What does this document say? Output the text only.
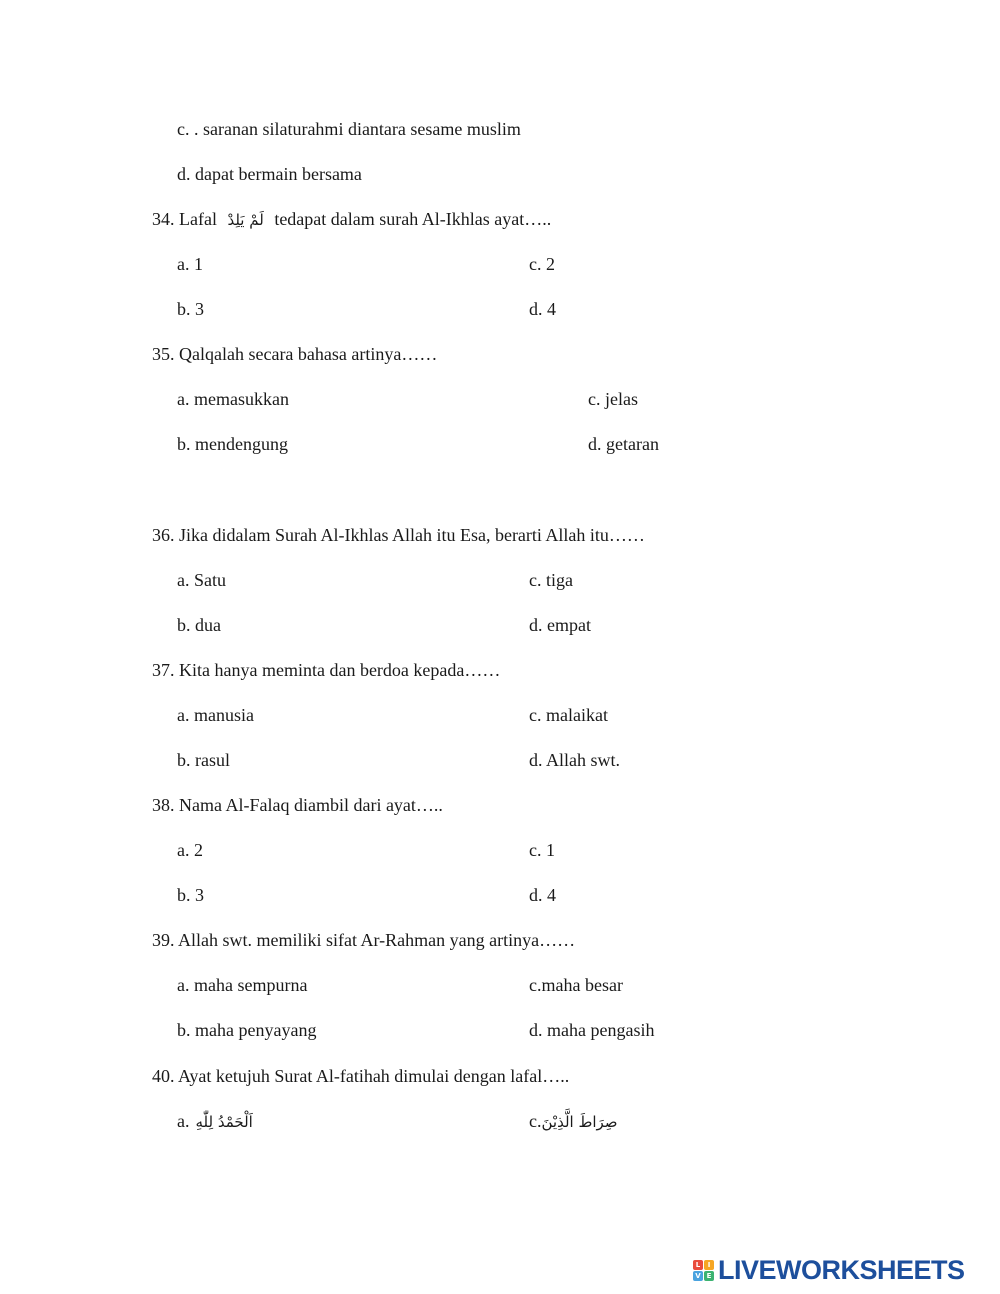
c. . saranan silaturahmi diantara sesame muslim
d. dapat bermain bersama
34. Lafal لَمْ يَلِدْ tedapat dalam surah Al-Ikhlas ayat…..
a. 1	c. 2
b. 3	d. 4
35. Qalqalah secara bahasa artinya……
a. memasukkan	c. jelas
b. mendengung	d. getaran
36. Jika didalam Surah Al-Ikhlas Allah itu Esa, berarti Allah itu……
a. Satu	c. tiga
b. dua	d. empat
37. Kita hanya meminta dan berdoa kepada……
a. manusia	c. malaikat
b. rasul	d. Allah swt.
38. Nama Al-Falaq diambil dari ayat…..
a. 2	c. 1
b. 3	d. 4
39. Allah swt. memiliki sifat Ar-Rahman yang artinya……
a. maha sempurna	c.maha besar
b. maha penyayang	d. maha pengasih
40. Ayat ketujuh Surat Al-fatihah dimulai dengan lafal…..
a. اَلْحَمْدُ لِلّٰهِ	c.صِرَاطَ الَّذِيْنَ
L	I
V E LIVEWORKSHEETS
